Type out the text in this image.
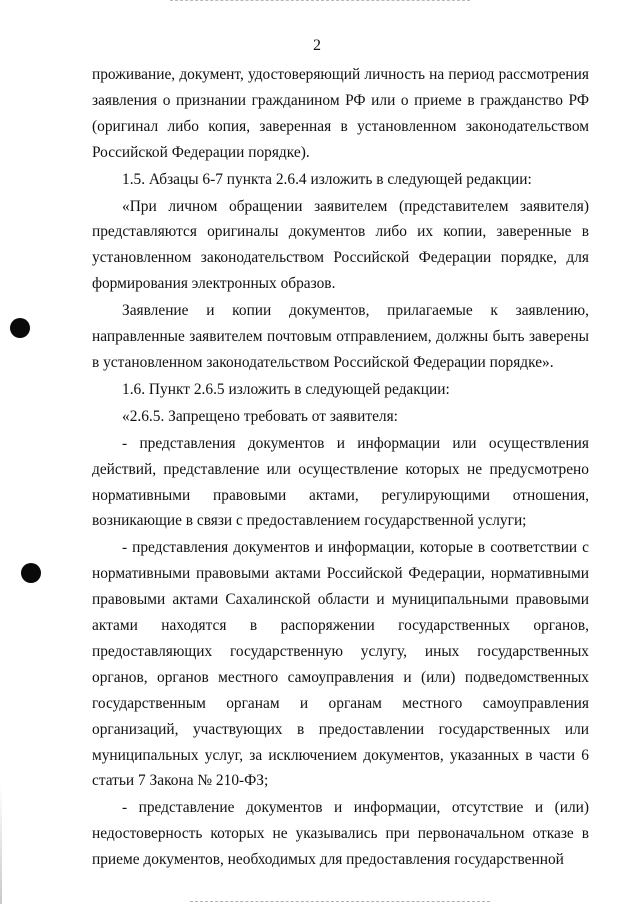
2

проживание, документ, удостоверяющий личность на период рассмотрения заявления о признании гражданином РФ или о приеме в гражданство РФ (оригинал либо копия, заверенная в установленном законодательством Российской Федерации порядке).

1.5. Абзацы 6-7 пункта 2.6.4 изложить в следующей редакции:

«При личном обращении заявителем (представителем заявителя) представляются оригиналы документов либо их копии, заверенные в установленном законодательством Российской Федерации порядке, для формирования электронных образов.

Заявление и копии документов, прилагаемые к заявлению, направленные заявителем почтовым отправлением, должны быть заверены в установленном законодательством Российской Федерации порядке».

1.6. Пункт 2.6.5 изложить в следующей редакции:

«2.6.5. Запрещено требовать от заявителя:

- представления документов и информации или осуществления действий, представление или осуществление которых не предусмотрено нормативными правовыми актами, регулирующими отношения, возникающие в связи с предоставлением государственной услуги;

- представления документов и информации, которые в соответствии с нормативными правовыми актами Российской Федерации, нормативными правовыми актами Сахалинской области и муниципальными правовыми актами находятся в распоряжении государственных органов, предоставляющих государственную услугу, иных государственных органов, органов местного самоуправления и (или) подведомственных государственным органам и органам местного самоуправления организаций, участвующих в предоставлении государственных или муниципальных услуг, за исключением документов, указанных в части 6 статьи 7 Закона № 210-ФЗ;

- представление документов и информации, отсутствие и (или) недостоверность которых не указывались при первоначальном отказе в приеме документов, необходимых для предоставления государственной
